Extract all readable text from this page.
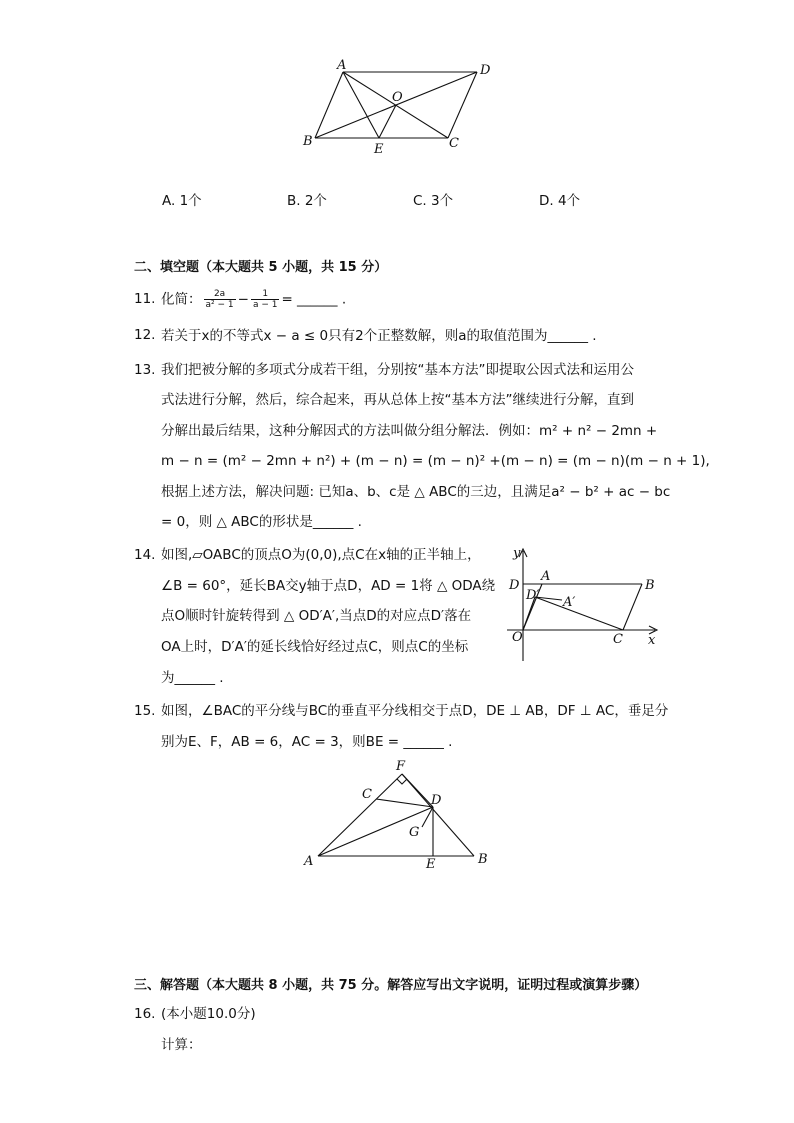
A	D
O
B
E	C
A. 1个	B. 2个	C. 3个	D. 4个
二、填空题（本大题共 5 小题，共 15 分）
11. 化简： $\frac{2a}{\text{a² − 1}} - \frac{1}{a - 1}$ = ______ .
12. 若关于x的不等式x − a ≤ 0只有2个正整数解，则a的取值范围为______ .
13. 我们把被分解的多项式分成若干组，分别按“基本方法”即提取公因式法和运用公
式法进行分解，然后，综合起来，再从总体上按“基本方法”继续进行分解，直到
分解出最后结果，这种分解因式的方法叫做分组分解法．例如：m² + n² − 2mn +
m − n = (m² − 2mn + n²) + (m − n) = (m − n)² +(m − n) = (m − n)(m − n + 1),
根据上述方法，解决问题: 已知a、b、c是 △ ABC的三边，且满足a² − b² + ac − bc
= 0，则 △ ABC的形状是______ .
14. 如图,▱OABC的顶点O为(0,0),点C在x轴的正半轴上，
∠B = 60°，延长BA交y轴于点D，AD = 1将 △ ODA绕
点O顺时针旋转得到 △ OD′A′,当点D的对应点D′落在
OA上时，D′A′的延长线恰好经过点C，则点C的坐标
为______ .
y
x
D
A
B
D′ A′
O	C
15. 如图，∠BAC的平分线与BC的垂直平分线相交于点D，DE ⊥ AB，DF ⊥ AC，垂足分
别为E、F，AB = 6，AC = 3，则BE = ______ .
F
C	D
G
A	E	B
三、解答题（本大题共 8 小题，共 75 分。解答应写出文字说明，证明过程或演算步骤）
16. (本小题10.0分)
计算：
